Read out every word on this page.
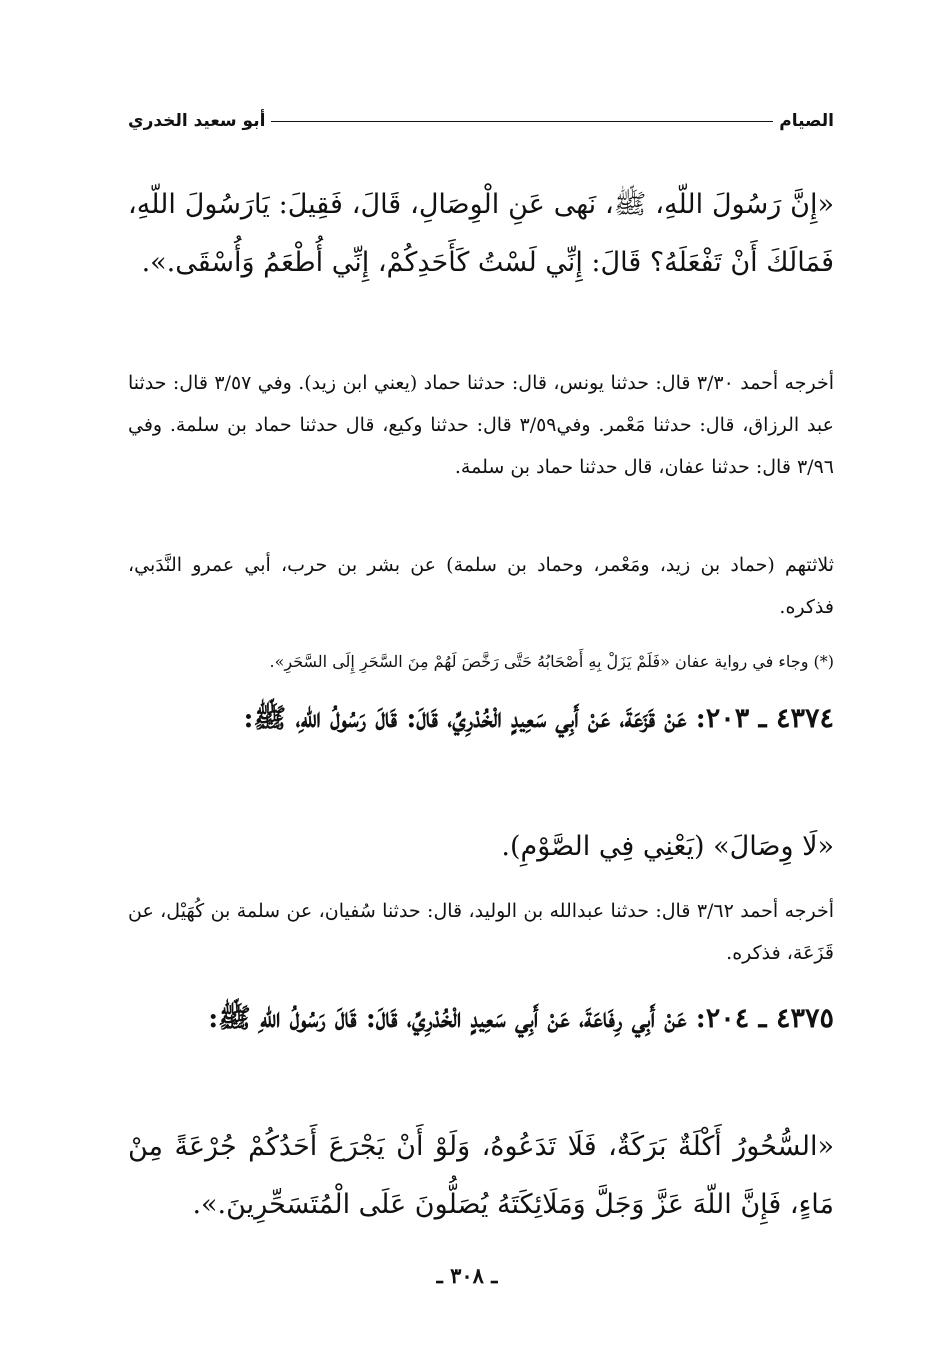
الصيام
أبو سعيد الخدري

«إِنَّ رَسُولَ اللّهِ، ﷺ، نَهى عَنِ الْوِصَالِ، قَالَ، فَقِيلَ: يَارَسُولَ اللّهِ، فَمَالَكَ أَنْ تَفْعَلَهُ؟ قَالَ: إِنِّي لَسْتُ كَأَحَدِكُمْ، إِنِّي أُطْعَمُ وَأُسْقَى.».

أخرجه أحمد ٣/٣٠ قال: حدثنا يونس، قال: حدثنا حماد (يعني ابن زيد). وفي ٣/٥٧ قال: حدثنا عبد الرزاق، قال: حدثنا مَعْمر. وفي٣/٥٩ قال: حدثنا وكيع، قال حدثنا حماد بن سلمة. وفي ٣/٩٦ قال: حدثنا عفان، قال حدثنا حماد بن سلمة.

ثلاثتهم (حماد بن زيد، ومَعْمر، وحماد بن سلمة) عن بشر بن حرب، أبي عمرو النَّدَبي، فذكره.

(*) وجاء في رواية عفان «فَلَمْ يَزَلْ بِهِ أَصْحَابُهُ حَتَّى رَخَّصَ لَهُمْ مِنَ السَّحَرِ إِلَى السَّحَرِ».

٤٣٧٤ ـ ٢٠٣: عَنْ قَزَعَةَ، عَنْ أَبِي سَعِيدٍ الْخُدْرِيِّ، قَالَ: قَالَ رَسُولُ اللّهِ، ﷺ:

«لَا وِصَالَ» (يَعْنِي فِي الصَّوْمِ).

أخرجه أحمد ٣/٦٢ قال: حدثنا عبدالله بن الوليد، قال: حدثنا سُفيان، عن سلمة بن كُهَيْل، عن قَزَعَة، فذكره.

٤٣٧٥ ـ ٢٠٤: عَنْ أَبِي رِفَاعَةَ، عَنْ أَبِي سَعِيدٍ الْخُدْرِيِّ، قَالَ: قَالَ رَسُولُ اللّهِ ﷺ:

«السُّحُورُ أَكْلَةٌ بَرَكَةٌ، فَلَا تَدَعُوهُ، وَلَوْ أَنْ يَجْرَعَ أَحَدُكُمْ جُرْعَةً مِنْ مَاءٍ، فَإِنَّ اللّهَ عَزَّ وَجَلَّ وَمَلَائِكَتَهُ يُصَلُّونَ عَلَى الْمُتَسَحِّرِينَ.».

ـ ٣٠٨ ـ
